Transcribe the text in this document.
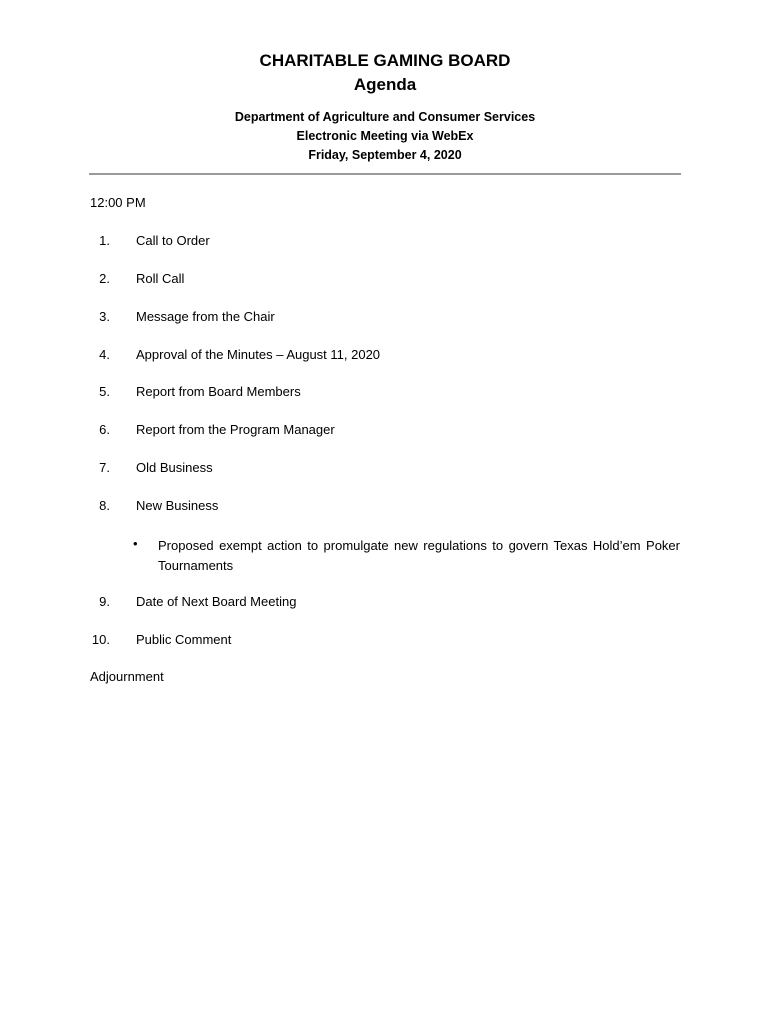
CHARITABLE GAMING BOARD
Agenda
Department of Agriculture and Consumer Services
Electronic Meeting via WebEx
Friday, September 4, 2020
12:00 PM
1. Call to Order
2. Roll Call
3. Message from the Chair
4. Approval of the Minutes – August 11, 2020
5. Report from Board Members
6. Report from the Program Manager
7. Old Business
8. New Business
• Proposed exempt action to promulgate new regulations to govern Texas Hold’em Poker Tournaments
9. Date of Next Board Meeting
10. Public Comment
Adjournment
